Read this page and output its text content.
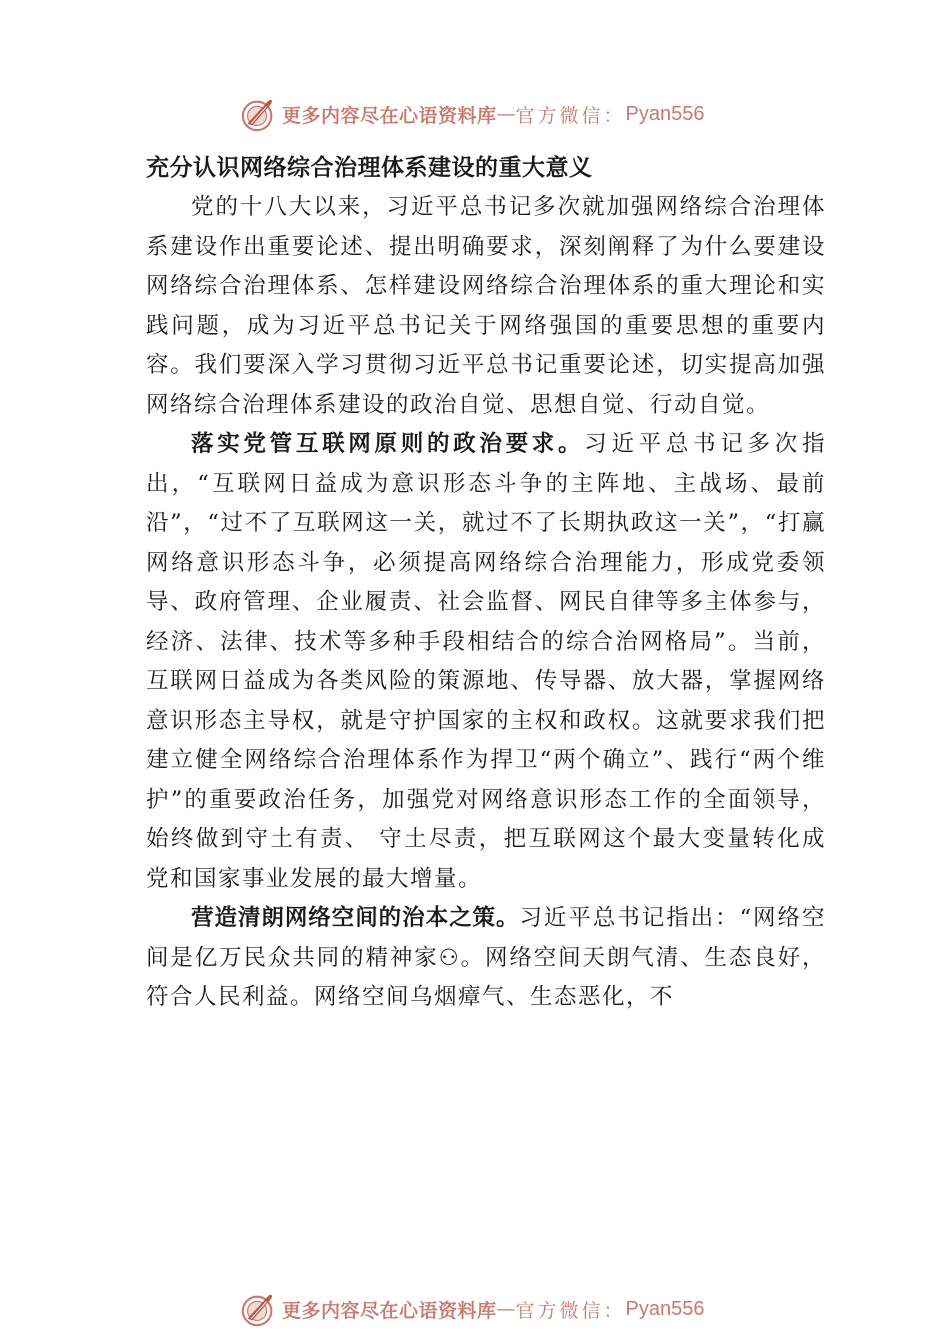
更多内容尽在心语资料库 — 官方微信： Pyan556
充分认识网络综合治理体系建设的重大意义

党的十八大以来，习近平总书记多次就加强网络综合治理体系建设作出重要论述、提出明确要求，深刻阐释了为什么要建设网络综合治理体系、怎样建设网络综合治理体系的重大理论和实践问题，成为习近平总书记关于网络强国的重要思想的重要内容。我们要深入学习贯彻习近平总书记重要论述，切实提高加强网络综合治理体系建设的政治自觉、思想自觉、行动自觉。

落实党管互联网原则的政治要求。习近平总书记多次指出，“互联网日益成为意识形态斗争的主阵地、主战场、最前沿”，“过不了互联网这一关，就过不了长期执政这一关”，“打赢网络意识形态斗争，必须提高网络综合治理能力，形成党委领导、政府管理、企业履责、社会监督、网民自律等多主体参与，经济、法律、技术等多种手段相结合的综合治网格局”。当前，互联网日益成为各类风险的策源地、传导器、放大器，掌握网络意识形态主导权，就是守护国家的主权和政权。这就要求我们把建立健全网络综合治理体系作为捍卫“两个确立”、践行“两个维护”的重要政治任务，加强党对网络意识形态工作的全面领导，始终做到守土有责、 守土尽责，把互联网这个最大变量转化成党和国家事业发展的最大增量。

营造清朗网络空间的治本之策。习近平总书记指出：“网络空间是亿万民众共同的精神家⚇。网络空间天朗气清、生态良好，符合人民利益。网络空间乌烟瘴气、生态恶化，不

更多内容尽在心语资料库 — 官方微信： Pyan556
